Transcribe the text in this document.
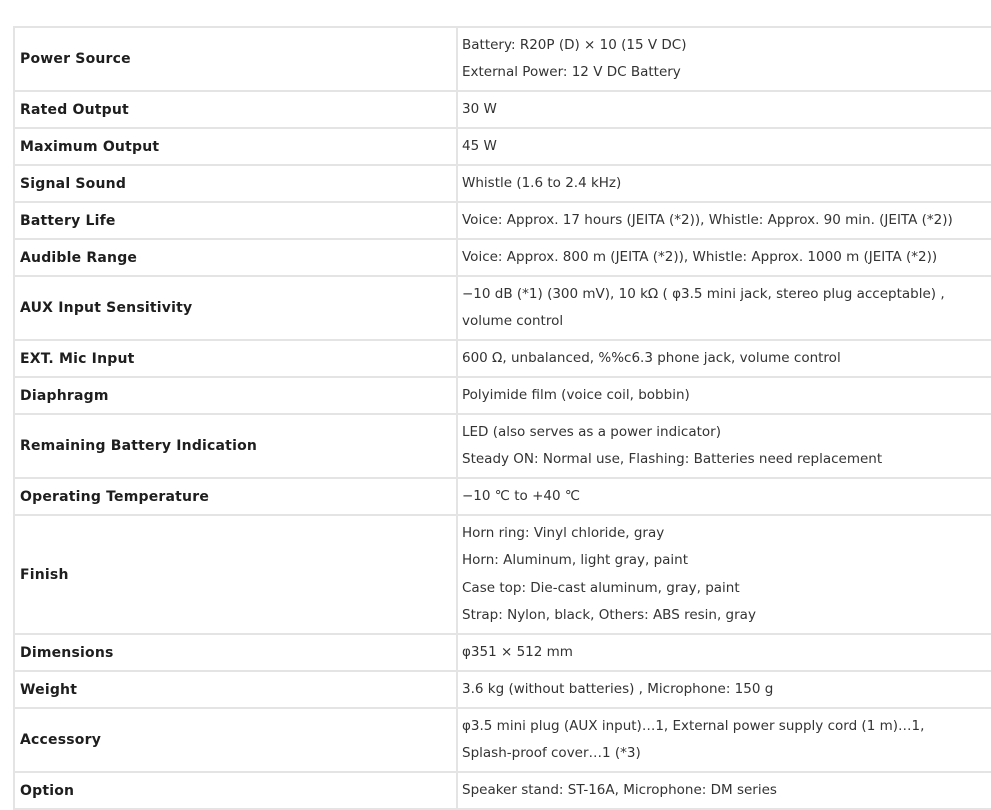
Power Source	Battery: R20P (D) × 10 (15 V DC)
External Power: 12 V DC Battery

Rated Output	30 W

Maximum Output	45 W

Signal Sound	Whistle (1.6 to 2.4 kHz)

Battery Life	Voice: Approx. 17 hours (JEITA (*2)), Whistle: Approx. 90 min. (JEITA (*2))

Audible Range	Voice: Approx. 800 m (JEITA (*2)), Whistle: Approx. 1000 m (JEITA (*2))

AUX Input Sensitivity	−10 dB (*1) (300 mV), 10 kΩ ( φ3.5 mini jack, stereo plug acceptable) ,
volume control

EXT. Mic Input	600 Ω, unbalanced, %%c6.3 phone jack, volume control

Diaphragm	Polyimide film (voice coil, bobbin)

Remaining Battery Indication	LED (also serves as a power indicator)
Steady ON: Normal use, Flashing: Batteries need replacement

Operating Temperature	−10 ℃ to +40 ℃

Finish	Horn ring: Vinyl chloride, gray
Horn: Aluminum, light gray, paint
Case top: Die-cast aluminum, gray, paint
Strap: Nylon, black, Others: ABS resin, gray

Dimensions	φ351 × 512 mm

Weight	3.6 kg (without batteries) , Microphone: 150 g

Accessory	φ3.5 mini plug (AUX input)…1, External power supply cord (1 m)…1,
Splash-proof cover…1 (*3)

Option	Speaker stand: ST-16A, Microphone: DM series
